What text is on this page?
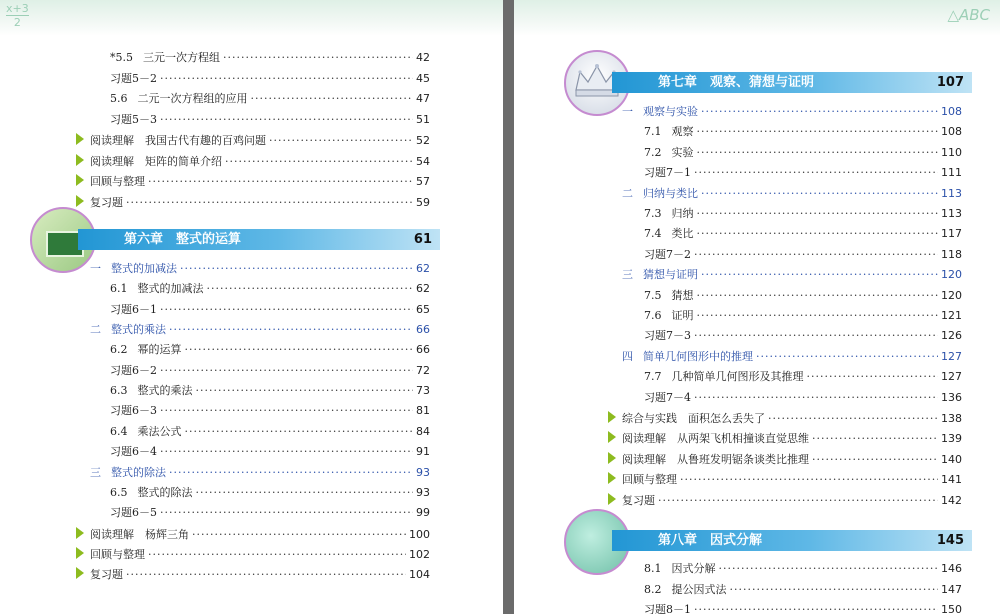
$\frac{x+3}{2}$
*5.5 三元一次方程组 ·····	42
习题5－2 ·····	45
5.6 二元一次方程组的应用 ·····	47
习题5－3 ·····	51
阅读理解　我国古代有趣的百鸡问题 ·····	52
阅读理解　矩阵的简单介绍 ·····	54
回顾与整理 ·····	57
复习题 ·····	59
第六章　整式的运算	61
一 整式的加减法 ·····	62
6.1 整式的加减法 ·····	62
习题6－1 ·····	65
二 整式的乘法 ·····	66
6.2 幂的运算 ·····	66
习题6－2 ·····	72
6.3 整式的乘法 ·····	73
习题6－3 ·····	81
6.4 乘法公式 ·····	84
习题6－4 ·····	91
三 整式的除法 ·····	93
6.5 整式的除法 ·····	93
习题6－5 ·····	99
阅读理解　杨辉三角 ·····	100
回顾与整理 ·····	102
复习题 ·····	104
△ABC
第七章　观察、猜想与证明	107
一 观察与实验 ·····	108
7.1 观察 ·····	108
7.2 实验 ·····	110
习题7－1 ·····	111
二 归纳与类比 ·····	113
7.3 归纳 ·····	113
7.4 类比 ·····	117
习题7－2 ·····	118
三 猜想与证明 ·····	120
7.5 猜想 ·····	120
7.6 证明 ·····	121
习题7－3 ·····	126
四 简单几何图形中的推理 ·····	127
7.7 几种简单几何图形及其推理 ·····	127
习题7－4 ·····	136
综合与实践　面积怎么丢失了 ·····	138
阅读理解　从两架飞机相撞谈直觉思维 ·····	139
阅读理解　从鲁班发明锯条谈类比推理 ·····	140
回顾与整理 ·····	141
复习题 ·····	142
第八章　因式分解	145
8.1 因式分解 ·····	146
8.2 提公因式法 ·····	147
习题8－1 ·····	150
